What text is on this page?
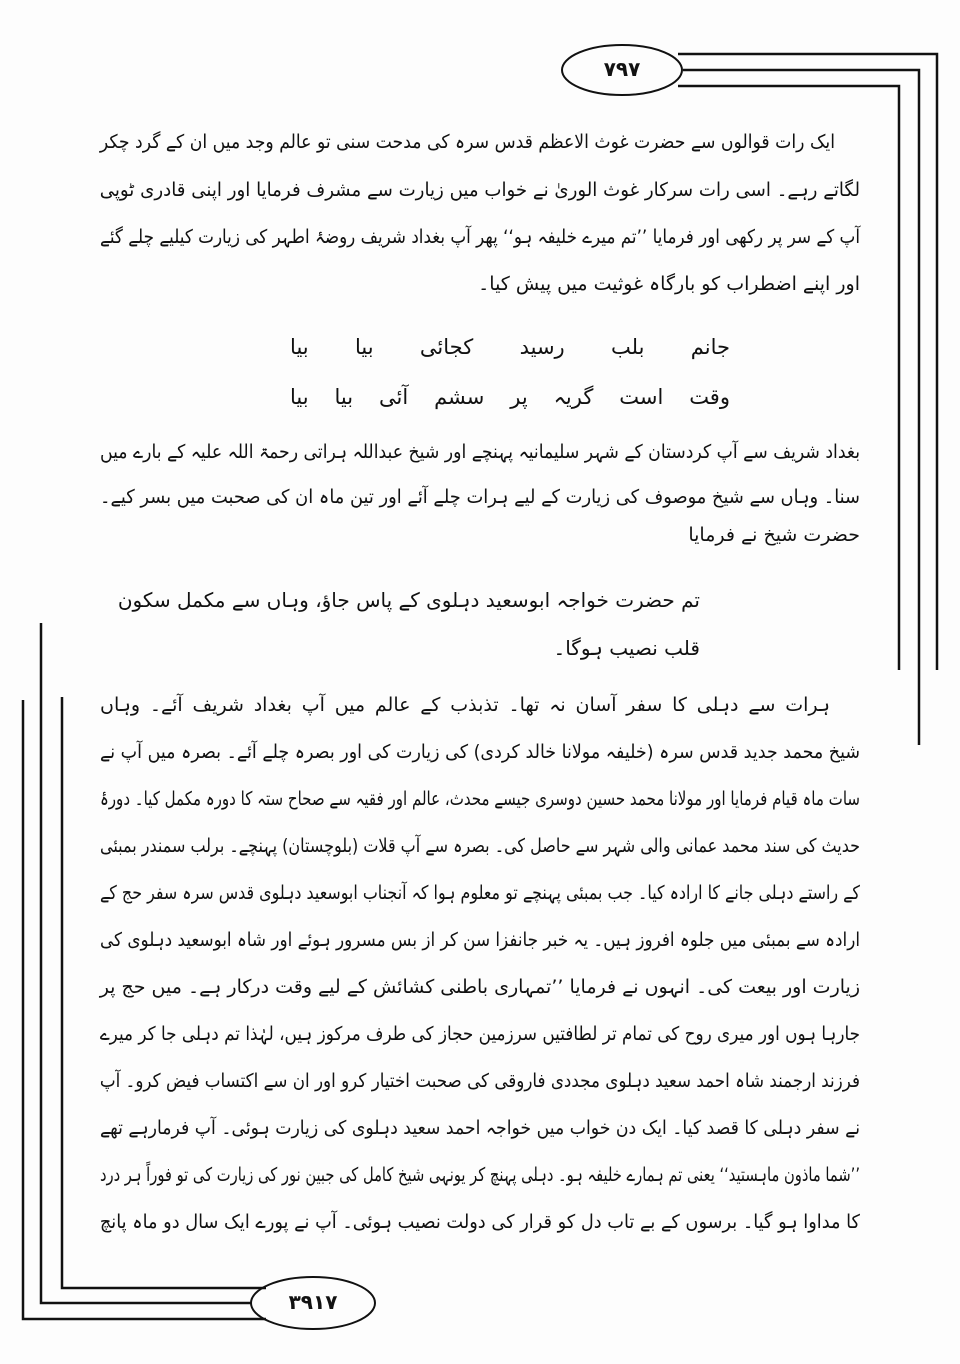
۷۹۷
۳۹۱۷
ایک رات قوالوں سے حضرت غوث الاعظم قدس سرہ کی مدحت سنی تو عالم وجد میں ان کے گرد چکر
لگاتے رہے۔ اسی رات سرکار غوث الوریٰ نے خواب میں زیارت سے مشرف فرمایا اور اپنی قادری ٹوپی
آپ کے سر پر رکھی اور فرمایا ’’تم میرے خلیفہ ہو‘‘ پھر آپ بغداد شریف روضۂ اطہر کی زیارت کیلیے چلے گئے
اور اپنے اضطراب کو بارگاہ غوثیت میں پیش کیا۔
جانم
بلب
رسید
کجائی
بیا
بیا
وقت
است
گریہ
پر
سشم
آئی
بیا
بیا
بغداد شریف سے آپ کردستان کے شہر سلیمانیہ پہنچے اور شیخ عبداللہ ہراتی رحمۃ اللہ علیہ کے بارے میں
سنا۔ وہاں سے شیخ موصوف کی زیارت کے لیے ہرات چلے آئے اور تین ماہ ان کی صحبت میں بسر کیے۔
حضرت شیخ نے فرمایا
تم حضرت خواجہ ابوسعید دہلوی کے پاس جاؤ، وہاں سے مکمل سکون
قلب نصیب ہوگا۔
ہرات سے دہلی کا سفر آسان نہ تھا۔ تذبذب کے عالم میں آپ بغداد شریف آئے۔ وہاں
شیخ محمد جدید قدس سرہ (خلیفہ مولانا خالد کردی) کی زیارت کی اور بصرہ چلے آئے۔ بصرہ میں آپ نے
سات ماہ قیام فرمایا اور مولانا محمد حسین دوسری جیسے محدث، عالم اور فقیہ سے صحاح ستہ کا دورہ مکمل کیا۔ دورۂ
حدیث کی سند محمد عمانی والی شہر سے حاصل کی۔ بصرہ سے آپ قلات (بلوچستان) پہنچے۔ برلب سمندر بمبئی
کے راستے دہلی جانے کا ارادہ کیا۔ جب بمبئی پہنچے تو معلوم ہوا کہ آنجناب ابوسعید دہلوی قدس سرہ سفر حج کے
ارادہ سے بمبئی میں جلوہ افروز ہیں۔ یہ خبر جانفزا سن کر از بس مسرور ہوئے اور شاہ ابوسعید دہلوی کی
زیارت اور بیعت کی۔ انہوں نے فرمایا ’’تمہاری باطنی کشائش کے لیے وقت درکار ہے۔ میں حج پر
جارہا ہوں اور میری روح کی تمام تر لطافتیں سرزمین حجاز کی طرف مرکوز ہیں، لہٰذا تم دہلی جا کر میرے
فرزند ارجمند شاہ احمد سعید دہلوی مجددی فاروقی کی صحبت اختیار کرو اور ان سے اکتساب فیض کرو۔ آپ
نے سفر دہلی کا قصد کیا۔ ایک دن خواب میں خواجہ احمد سعید دہلوی کی زیارت ہوئی۔ آپ فرمارہے تھے
’’شما ماذون ماہستید‘‘ یعنی تم ہمارے خلیفہ ہو۔ دہلی پہنچ کر یونہی شیخ کامل کی جبین نور کی زیارت کی تو فوراً ہر درد
کا مداوا ہو گیا۔ برسوں کے بے تاب دل کو قرار کی دولت نصیب ہوئی۔ آپ نے پورے ایک سال دو ماہ پانچ
